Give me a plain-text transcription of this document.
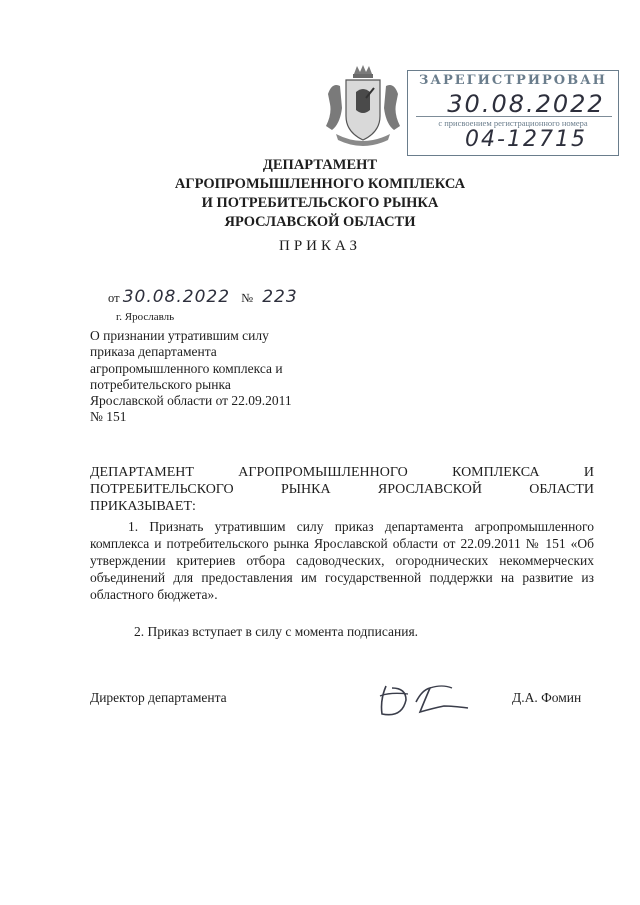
ЗАРЕГИСТРИРОВАН
30.08.2022
с присвоением регистрационного номера
04-12715
ДЕПАРТАМЕНТ
АГРОПРОМЫШЛЕННОГО КОМПЛЕКСА
И ПОТРЕБИТЕЛЬСКОГО РЫНКА
ЯРОСЛАВСКОЙ ОБЛАСТИ
ПРИКАЗ
от 30.08.2022 № 223
г. Ярославль
О признании утратившим силу
приказа департамента
агропромышленного комплекса и
потребительского рынка
Ярославской области от 22.09.2011
№ 151
ДЕПАРТАМЕНТ АГРОПРОМЫШЛЕННОГО КОМПЛЕКСА И
ПОТРЕБИТЕЛЬСКОГО РЫНКА ЯРОСЛАВСКОЙ ОБЛАСТИ
ПРИКАЗЫВАЕТ:
1. Признать утратившим силу приказ департамента агропромышленного комплекса и потребительского рынка Ярославской области от 22.09.2011 № 151 «Об утверждении критериев отбора садоводческих, огороднических некоммерческих объединений для предоставления им государственной поддержки на развитие из областного бюджета».
2. Приказ вступает в силу с момента подписания.
Директор департамента	Д.А. Фомин
